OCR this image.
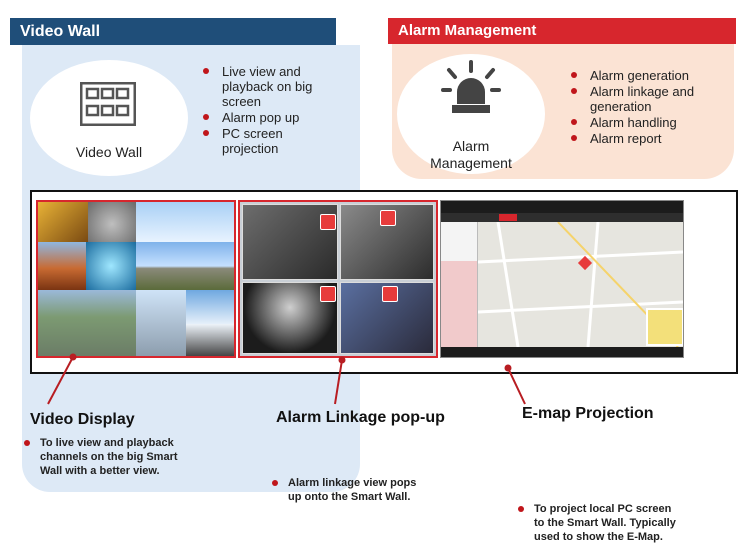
Video Wall	Alarm Management
Video Wall
Live view and playback on big screen
Alarm pop up
PC screen projection	Alarm
Management
Alarm generation
Alarm linkage and generation
Alarm handling
Alarm report
Video Display
To live view and playback
channels on the big Smart
Wall with a better view.
Alarm Linkage pop-up
Alarm linkage view pops
up onto the Smart Wall.
E-map Projection
To project local PC screen
to the Smart Wall. Typically
used to show the E-Map.
